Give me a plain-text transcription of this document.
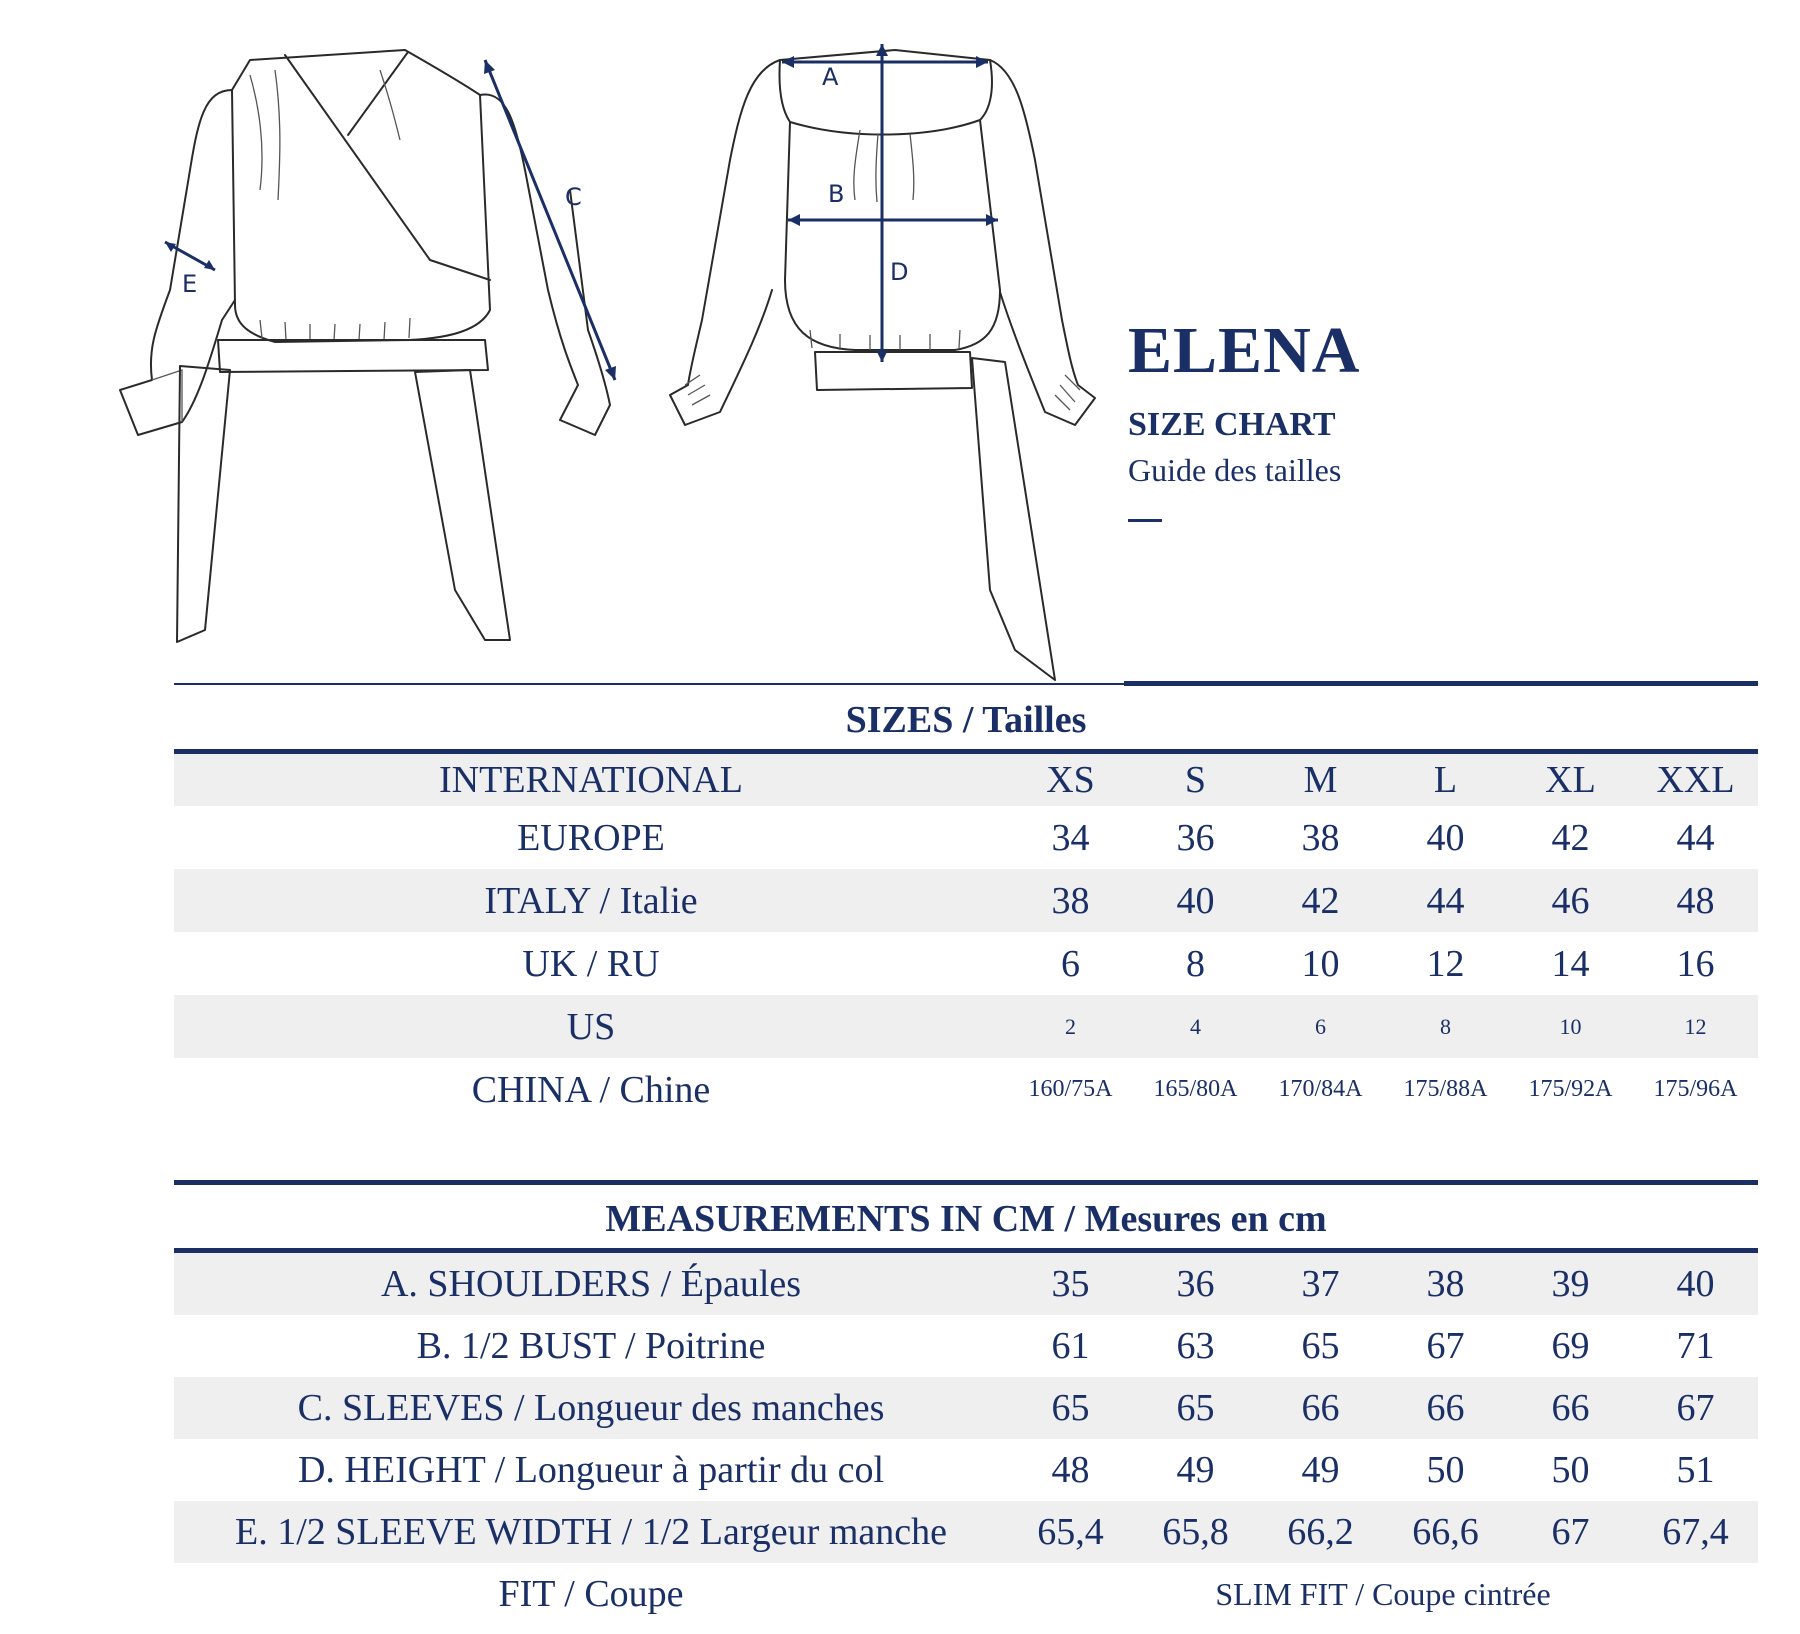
C
E
A
B
D
ELENA
SIZE CHART
Guide des tailles
SIZES / Tailles
INTERNATIONAL	XS	S	M	L	XL	XXL
EUROPE	34	36	38	40	42	44
ITALY / Italie	38	40	42	44	46	48
UK / RU	6	8	10	12	14	16
US	2	4	6	8	10	12
CHINA / Chine	160/75A	165/80A	170/84A	175/88A	175/92A	175/96A
MEASUREMENTS IN CM / Mesures en cm
A. SHOULDERS / Épaules	35	36	37	38	39	40
B. 1/2 BUST / Poitrine	61	63	65	67	69	71
C. SLEEVES / Longueur des manches	65	65	66	66	66	67
D. HEIGHT / Longueur à partir du col	48	49	49	50	50	51
E. 1/2 SLEEVE WIDTH / 1/2 Largeur manche	65,4	65,8	66,2	66,6	67	67,4
FIT / Coupe	SLIM FIT / Coupe cintrée					
